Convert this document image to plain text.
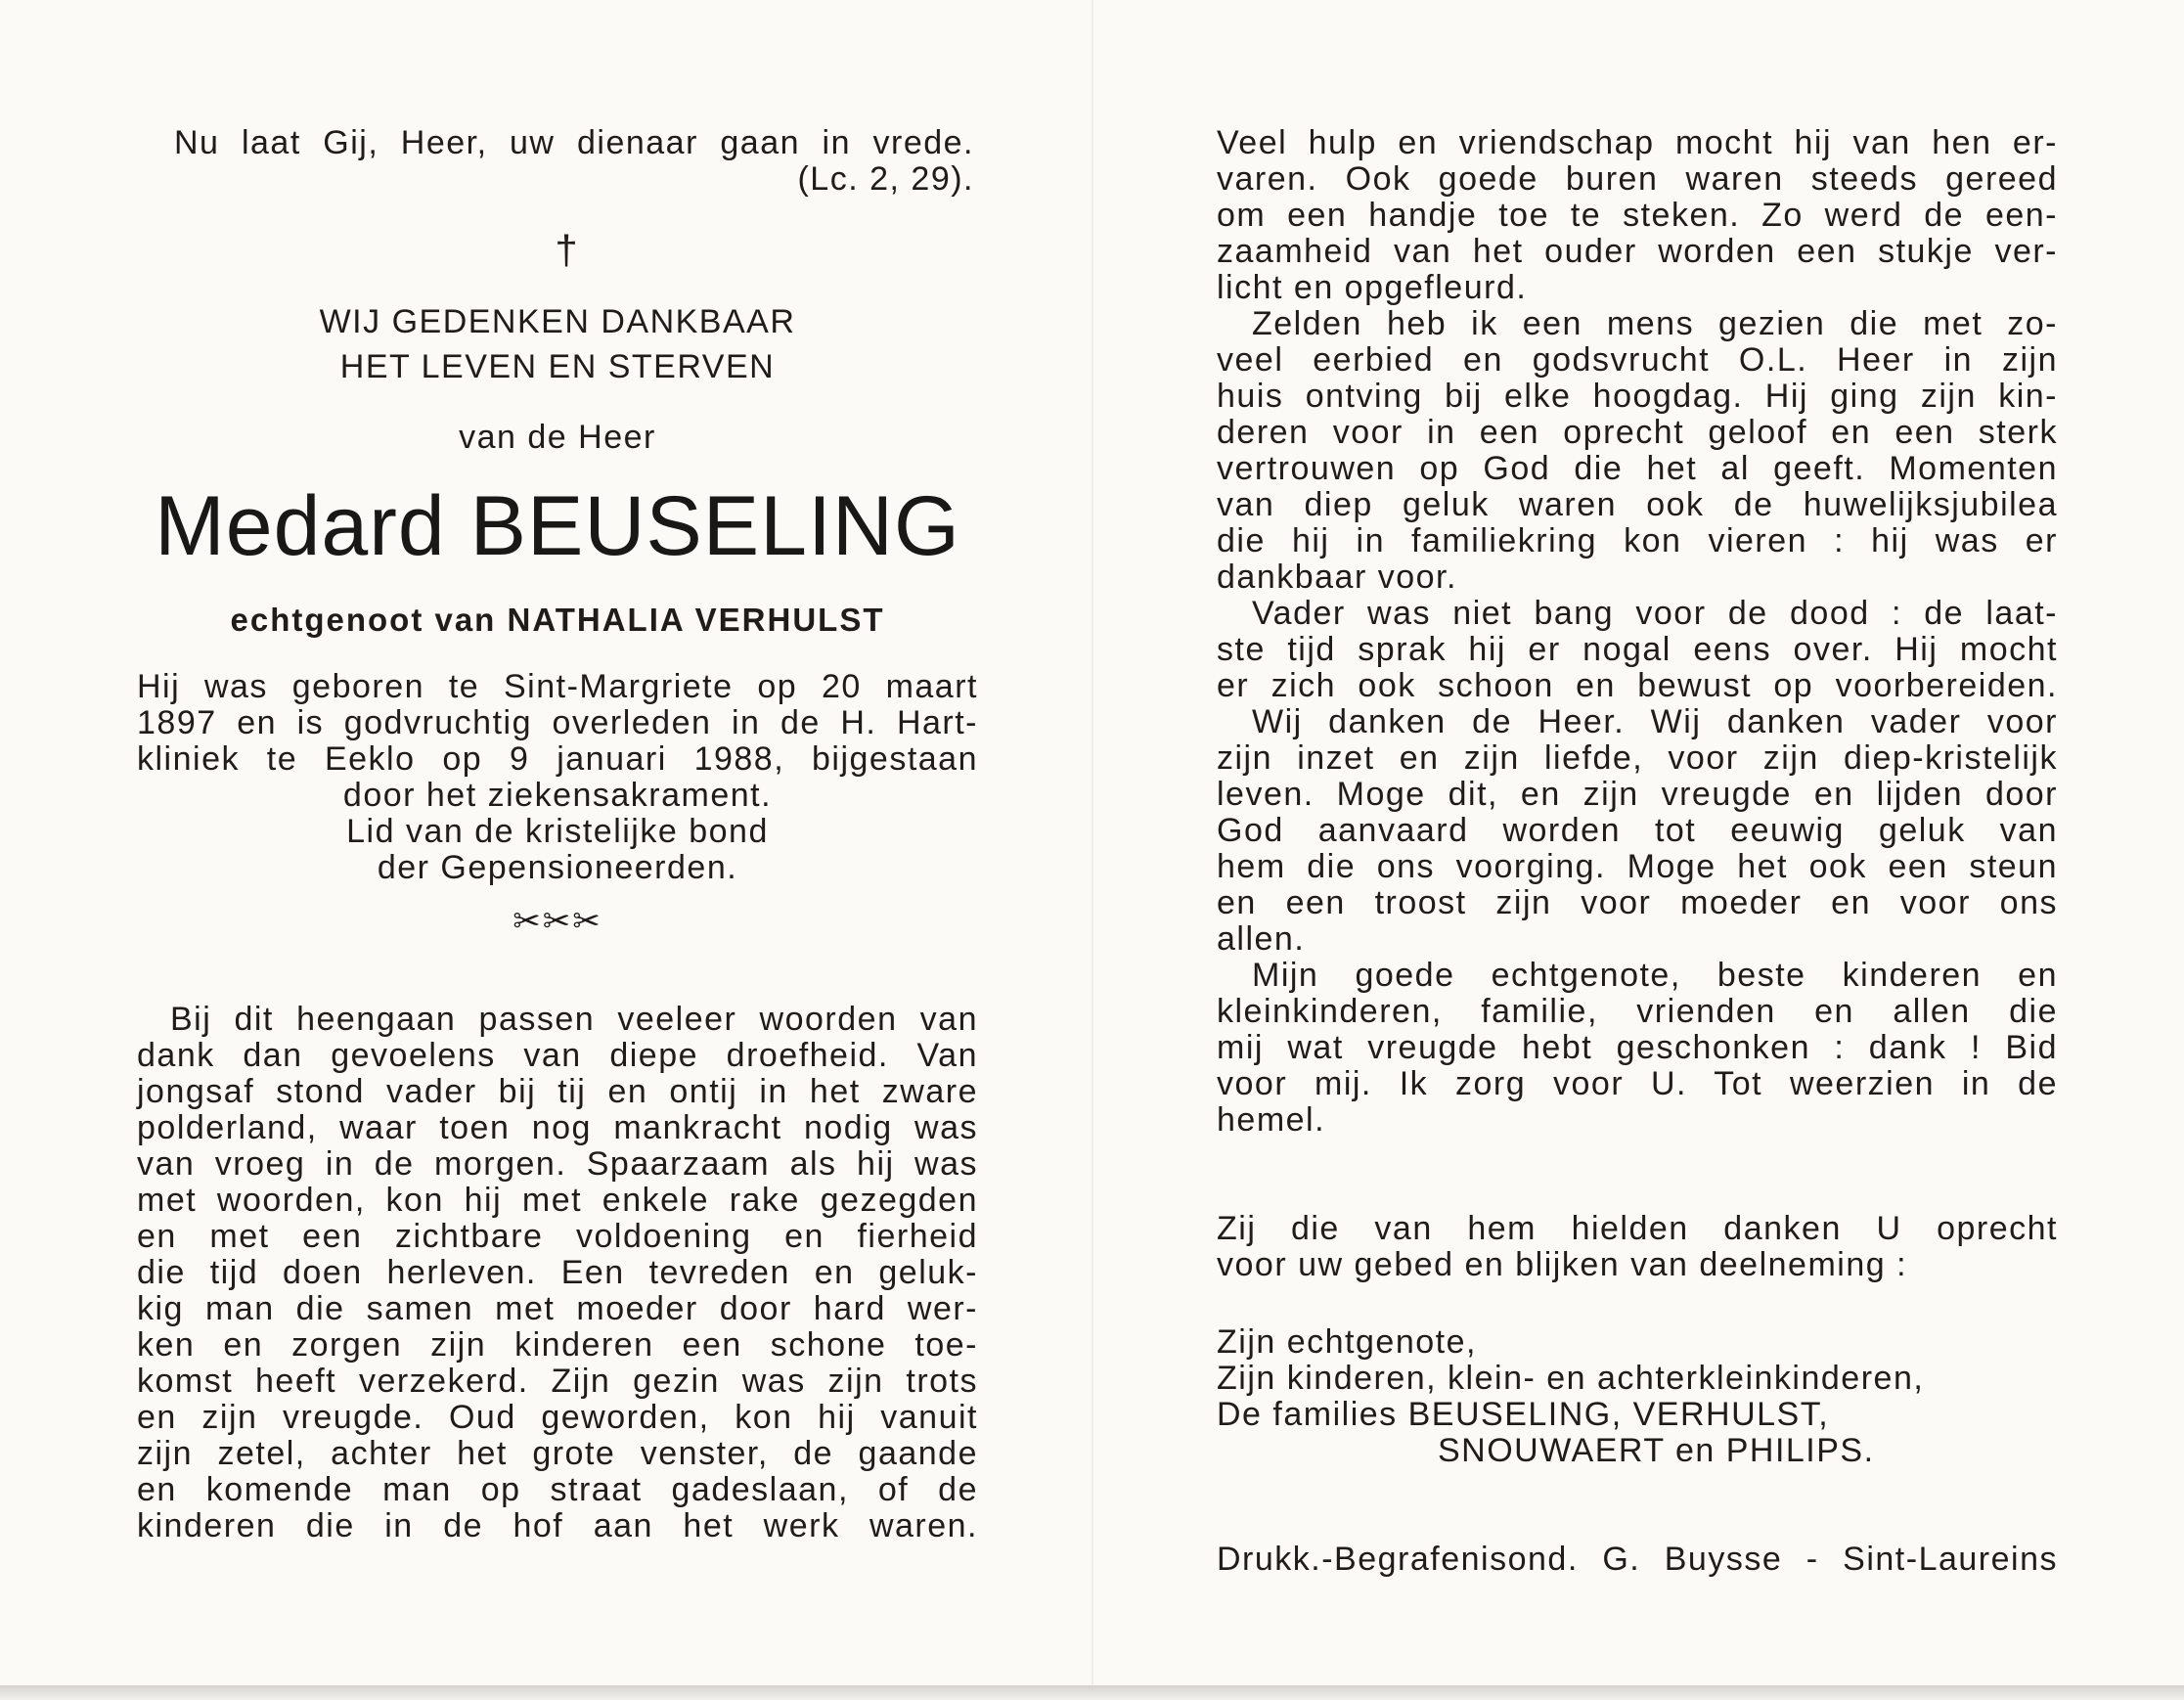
Nu laat Gij, Heer, uw dienaar gaan in vrede.

(Lc. 2, 29).

†

WIJ GEDENKEN DANKBAAR

HET LEVEN EN STERVEN

van de Heer

Medard BEUSELING

echtgenoot van NATHALIA VERHULST

Hij was geboren te Sint-Margriete op 20 maart

1897 en is godvruchtig overleden in de H. Hart-

kliniek te Eeklo op 9 januari 1988, bijgestaan

door het ziekensakrament.

Lid van de kristelijke bond

der Gepensioneerden.

✂✂✂

Bij dit heengaan passen veeleer woorden van

dank dan gevoelens van diepe droefheid. Van

jongsaf stond vader bij tij en ontij in het zware

polderland, waar toen nog mankracht nodig was

van vroeg in de morgen. Spaarzaam als hij was

met woorden, kon hij met enkele rake gezegden

en met een zichtbare voldoening en fierheid

die tijd doen herleven. Een tevreden en geluk-

kig man die samen met moeder door hard wer-

ken en zorgen zijn kinderen een schone toe-

komst heeft verzekerd. Zijn gezin was zijn trots

en zijn vreugde. Oud geworden, kon hij vanuit

zijn zetel, achter het grote venster, de gaande

en komende man op straat gadeslaan, of de

kinderen die in de hof aan het werk waren.

Veel hulp en vriendschap mocht hij van hen er-

varen. Ook goede buren waren steeds gereed

om een handje toe te steken. Zo werd de een-

zaamheid van het ouder worden een stukje ver-

licht en opgefleurd.

Zelden heb ik een mens gezien die met zo-

veel eerbied en godsvrucht O.L. Heer in zijn

huis ontving bij elke hoogdag. Hij ging zijn kin-

deren voor in een oprecht geloof en een sterk

vertrouwen op God die het al geeft. Momenten

van diep geluk waren ook de huwelijksjubilea

die hij in familiekring kon vieren : hij was er

dankbaar voor.

Vader was niet bang voor de dood : de laat-

ste tijd sprak hij er nogal eens over. Hij mocht

er zich ook schoon en bewust op voorbereiden.

Wij danken de Heer. Wij danken vader voor

zijn inzet en zijn liefde, voor zijn diep-kristelijk

leven. Moge dit, en zijn vreugde en lijden door

God aanvaard worden tot eeuwig geluk van

hem die ons voorging. Moge het ook een steun

en een troost zijn voor moeder en voor ons

allen.

Mijn goede echtgenote, beste kinderen en

kleinkinderen, familie, vrienden en allen die

mij wat vreugde hebt geschonken : dank ! Bid

voor mij. Ik zorg voor U. Tot weerzien in de

hemel.

Zij die van hem hielden danken U oprecht

voor uw gebed en blijken van deelneming :

Zijn echtgenote,

Zijn kinderen, klein- en achterkleinkinderen,

De families BEUSELING, VERHULST,

SNOUWAERT en PHILIPS.

Drukk.-Begrafenisond. G. Buysse - Sint-Laureins
